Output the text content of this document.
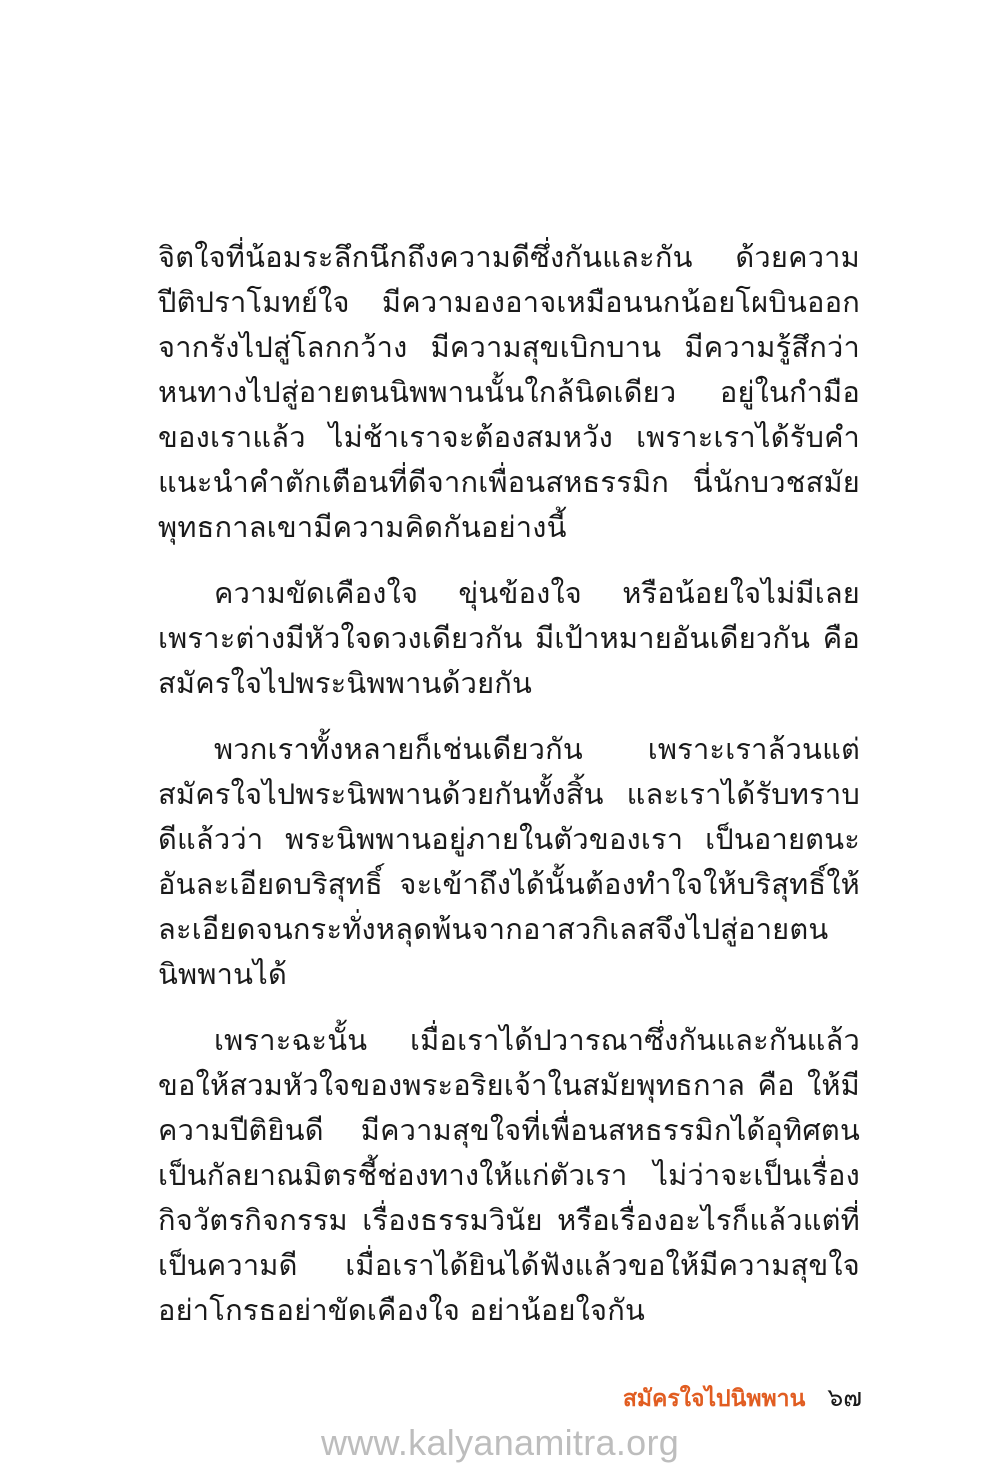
จิตใจที่น้อมระลึกนึกถึงความดีซึ่งกันและกัน ด้วยความปีติปราโมทย์ใจ มีความองอาจเหมือนนกน้อยโผบินออกจากรังไปสู่โลกกว้าง มีความสุขเบิกบาน มีความรู้สึกว่าหนทางไปสู่อายตนนิพพานนั้นใกล้นิดเดียว อยู่ในกำมือของเราแล้ว ไม่ช้าเราจะต้องสมหวัง เพราะเราได้รับคำแนะนำคำตักเตือนที่ดีจากเพื่อนสหธรรมิก นี่นักบวชสมัยพุทธกาลเขามีความคิดกันอย่างนี้

ความขัดเคืองใจ ขุ่นข้องใจ หรือน้อยใจไม่มีเลย เพราะต่างมีหัวใจดวงเดียวกัน มีเป้าหมายอันเดียวกัน คือสมัครใจไปพระนิพพานด้วยกัน

พวกเราทั้งหลายก็เช่นเดียวกัน เพราะเราล้วนแต่สมัครใจไปพระนิพพานด้วยกันทั้งสิ้น และเราได้รับทราบดีแล้วว่า พระนิพพานอยู่ภายในตัวของเรา เป็นอายตนะอันละเอียดบริสุทธิ์ จะเข้าถึงได้นั้นต้องทำใจให้บริสุทธิ์ให้ละเอียดจนกระทั่งหลุดพ้นจากอาสวกิเลสจึงไปสู่อายตนนิพพานได้

เพราะฉะนั้น เมื่อเราได้ปวารณาซึ่งกันและกันแล้ว ขอให้สวมหัวใจของพระอริยเจ้าในสมัยพุทธกาล คือ ให้มีความปีติยินดี มีความสุขใจที่เพื่อนสหธรรมิกได้อุทิศตนเป็นกัลยาณมิตรชี้ช่องทางให้แก่ตัวเรา ไม่ว่าจะเป็นเรื่องกิจวัตรกิจกรรม เรื่องธรรมวินัย หรือเรื่องอะไรก็แล้วแต่ที่เป็นความดี เมื่อเราได้ยินได้ฟังแล้วขอให้มีความสุขใจ อย่าโกรธอย่าขัดเคืองใจ อย่าน้อยใจกัน

สมัครใจไปนิพพาน ๖๗
www.kalyanamitra.org
